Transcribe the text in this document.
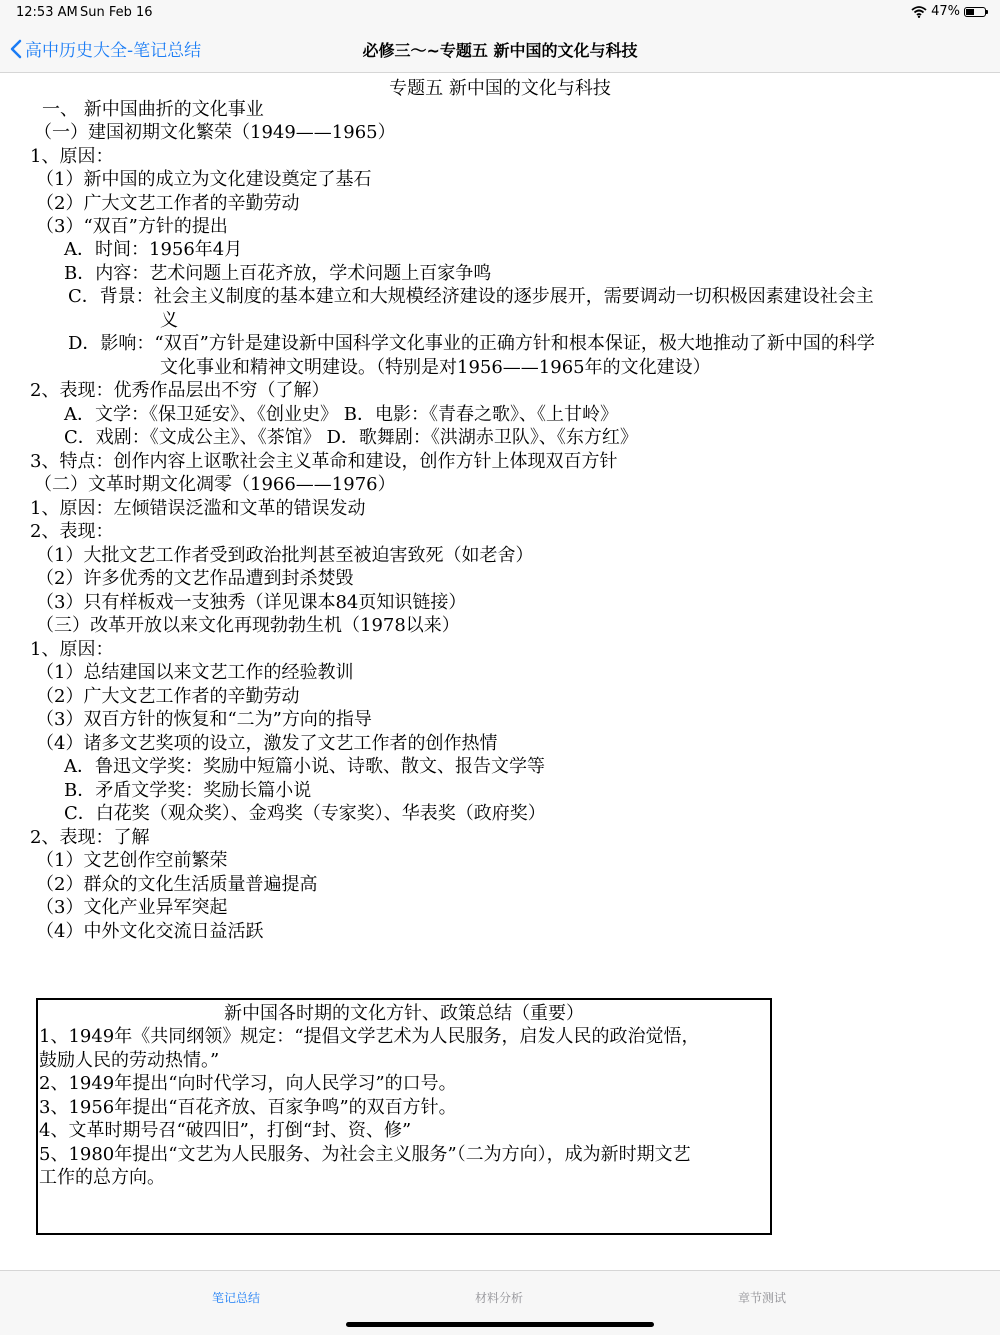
12:53 AM Sun Feb 16	47%
高中历史大全-笔记总结	必修三～~专题五 新中国的文化与科技
专题五 新中国的文化与科技
一、 新中国曲折的文化事业
（一）建国初期文化繁荣（1949——1965）
1、原因：
（1）新中国的成立为文化建设奠定了基石
（2）广大文艺工作者的辛勤劳动
（3）“双百”方针的提出
A．时间：1956年4月
B．内容：艺术问题上百花齐放，学术问题上百家争鸣
C．背景：社会主义制度的基本建立和大规模经济建设的逐步展开，需要调动一切积极因素建设社会主
义
D．影响：“双百”方针是建设新中国科学文化事业的正确方针和根本保证，极大地推动了新中国的科学
文化事业和精神文明建设。（特别是对1956——1965年的文化建设）
2、表现：优秀作品层出不穷（了解）
A．文学：《保卫延安》、《创业史》 B．电影：《青春之歌》、《上甘岭》
C．戏剧：《文成公主》、《茶馆》 D．歌舞剧：《洪湖赤卫队》、《东方红》
3、特点：创作内容上讴歌社会主义革命和建设，创作方针上体现双百方针
（二）文革时期文化凋零（1966——1976）
1、原因：左倾错误泛滥和文革的错误发动
2、表现：
（1）大批文艺工作者受到政治批判甚至被迫害致死（如老舍）
（2）许多优秀的文艺作品遭到封杀焚毁
（3）只有样板戏一支独秀（详见课本84页知识链接）
（三）改革开放以来文化再现勃勃生机（1978以来）
1、原因：
（1）总结建国以来文艺工作的经验教训
（2）广大文艺工作者的辛勤劳动
（3）双百方针的恢复和“二为”方向的指导
（4）诸多文艺奖项的设立，激发了文艺工作者的创作热情
A．鲁迅文学奖：奖励中短篇小说、诗歌、散文、报告文学等
B．矛盾文学奖：奖励长篇小说
C．白花奖（观众奖）、金鸡奖（专家奖）、华表奖（政府奖）
2、表现：了解
（1）文艺创作空前繁荣
（2）群众的文化生活质量普遍提高
（3）文化产业异军突起
（4）中外文化交流日益活跃
新中国各时期的文化方针、政策总结（重要）
1、1949年《共同纲领》规定：“提倡文学艺术为人民服务，启发人民的政治觉悟，
鼓励人民的劳动热情。”
2、1949年提出“向时代学习，向人民学习”的口号。
3、1956年提出“百花齐放、百家争鸣”的双百方针。
4、文革时期号召“破四旧”，打倒“封、资、修”
5、1980年提出“文艺为人民服务、为社会主义服务”（二为方向），成为新时期文艺
工作的总方向。
笔记总结	材料分析	章节测试
